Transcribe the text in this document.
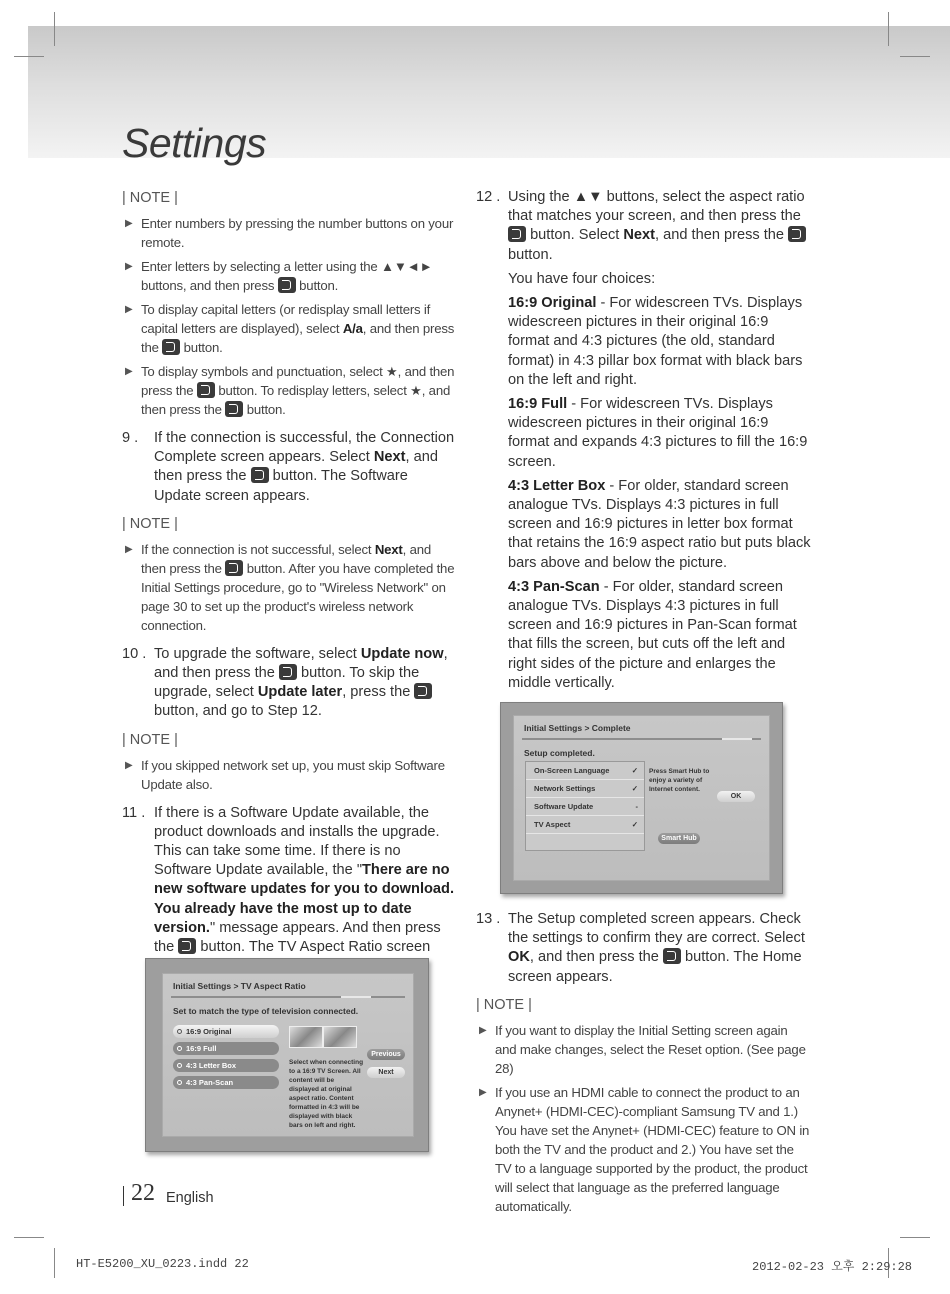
Settings
| NOTE |
▶ Enter numbers by pressing the number buttons on your remote.
▶ Enter letters by selecting a letter using the ▲▼◄► buttons, and then press button.
▶ To display capital letters (or redisplay small letters if capital letters are displayed), select A/a, and then press the button.
▶ To display symbols and punctuation, select ★, and then press the button. To redisplay letters, select ★, and then press the button.
9 . If the connection is successful, the Connection Complete screen appears. Select Next, and then press the button. The Software Update screen appears.
| NOTE |
▶ If the connection is not successful, select Next, and then press the button. After you have completed the Initial Settings procedure, go to "Wireless Network" on page 30 to set up the product's wireless network connection.
10 . To upgrade the software, select Update now, and then press the button. To skip the upgrade, select Update later, press the  button, and go to Step 12.
| NOTE |
▶ If you skipped network set up, you must skip Software Update also.
11 . If there is a Software Update available, the product downloads and installs the upgrade. This can take some time. If there is no Software Update available, the "There are no new software updates for you to download. You already have the most up to date version." message appears. And then press the button. The TV Aspect Ratio screen
Initial Settings > TV Aspect Ratio
Set to match the type of television connected.
16:9 Original
16:9 Full
4:3 Letter Box
4:3 Pan-Scan
Select when connecting to a 16:9 TV Screen. All content will be displayed at original aspect ratio. Content formatted in 4:3 will be displayed with black bars on left and right.
Previous
Next
12 . Using the ▲▼ buttons, select the aspect ratio that matches your screen, and then press the  button. Select Next, and then press the  button.

You have four choices:

16:9 Original - For widescreen TVs. Displays widescreen pictures in their original 16:9 format and 4:3 pictures (the old, standard format) in 4:3 pillar box format with black bars on the left and right.

16:9 Full - For widescreen TVs. Displays widescreen pictures in their original 16:9 format and expands 4:3 pictures to fill the 16:9 screen.

4:3 Letter Box - For older, standard screen analogue TVs. Displays 4:3 pictures in full screen and 16:9 pictures in letter box format that retains the 16:9 aspect ratio but puts black bars above and below the picture.

4:3 Pan-Scan - For older, standard screen analogue TVs. Displays 4:3 pictures in full screen and 16:9 pictures in Pan-Scan format that fills the screen, but cuts off the left and right sides of the picture and enlarges the middle vertically.

Initial Settings > Complete
Setup completed.
On-Screen Language	✓
Network Settings	✓
Software Update	-
TV Aspect	✓
Press Smart Hub to enjoy a variety of Internet content.
OK
Smart Hub
13 . The Setup completed screen appears. Check the settings to confirm they are correct. Select OK, and then press the button. The Home screen appears.
| NOTE |
▶ If you want to display the Initial Setting screen again and make changes, select the Reset option. (See page 28)
▶ If you use an HDMI cable to connect the product to an Anynet+ (HDMI-CEC)-compliant Samsung TV and 1.) You have set the Anynet+ (HDMI-CEC) feature to ON in both the TV and the product and 2.) You have set the TV to a language supported by the product, the product will select that language as the preferred language automatically.
22 English
HT-E5200_XU_0223.indd 22	2012-02-23 오후 2:29:28
